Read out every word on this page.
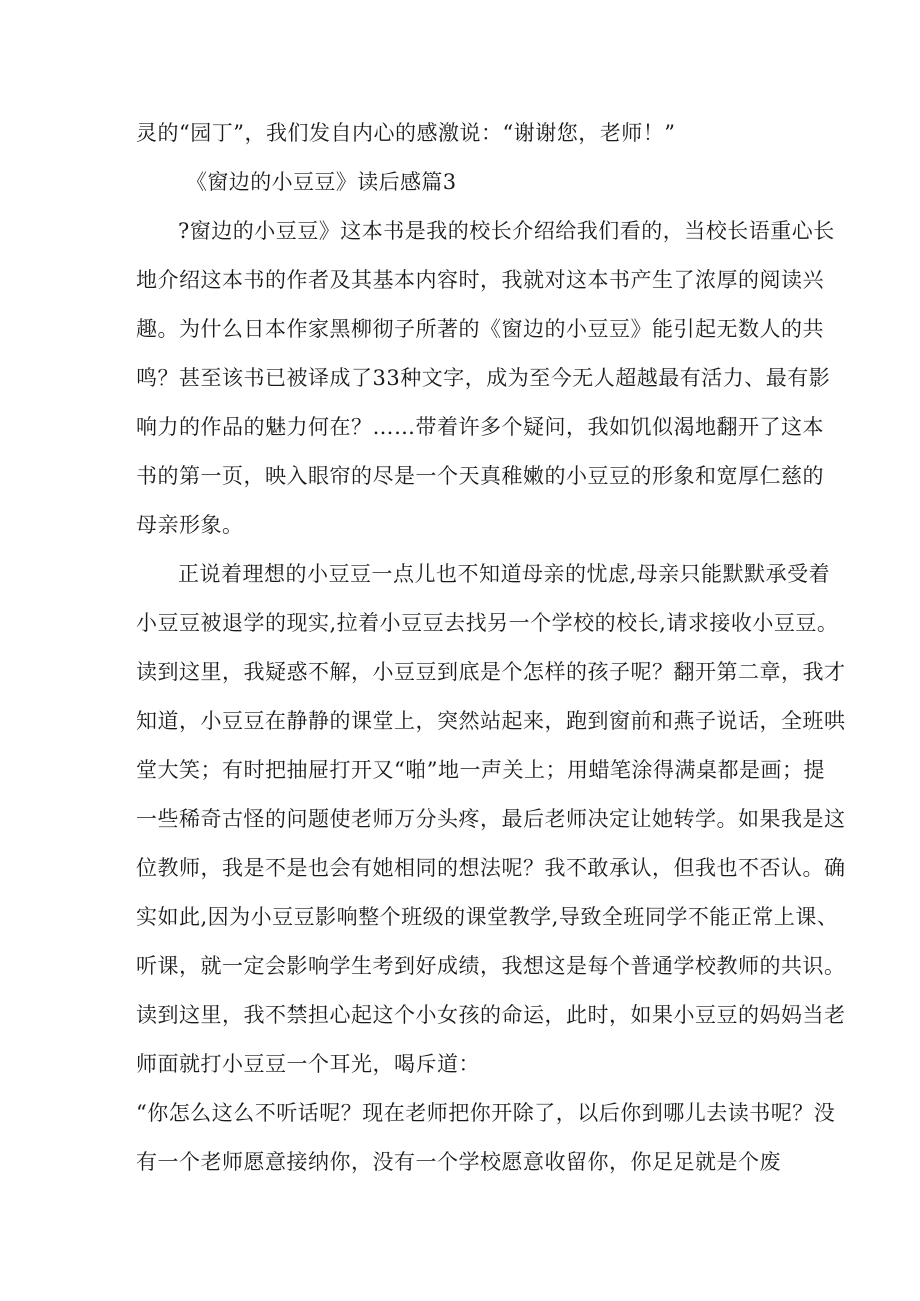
灵的“园丁”，我们发自内心的感激说：“谢谢您，老师！”
《窗边的小豆豆》读后感篇3
?窗边的小豆豆》这本书是我的校长介绍给我们看的，当校长语重心长
地介绍这本书的作者及其基本内容时，我就对这本书产生了浓厚的阅读兴
趣。为什么日本作家黑柳彻子所著的《窗边的小豆豆》能引起无数人的共
鸣？甚至该书已被译成了33种文字，成为至今无人超越最有活力、最有影
响力的作品的魅力何在？……带着许多个疑问，我如饥似渴地翻开了这本
书的第一页，映入眼帘的尽是一个天真稚嫩的小豆豆的形象和宽厚仁慈的
母亲形象。
正说着理想的小豆豆一点儿也不知道母亲的忧虑,母亲只能默默承受着
小豆豆被退学的现实,拉着小豆豆去找另一个学校的校长,请求接收小豆豆。
读到这里，我疑惑不解，小豆豆到底是个怎样的孩子呢？翻开第二章，我才
知道，小豆豆在静静的课堂上，突然站起来，跑到窗前和燕子说话，全班哄
堂大笑；有时把抽屉打开又“啪”地一声关上；用蜡笔涂得满桌都是画；提
一些稀奇古怪的问题使老师万分头疼，最后老师决定让她转学。如果我是这
位教师，我是不是也会有她相同的想法呢？我不敢承认，但我也不否认。确
实如此,因为小豆豆影响整个班级的课堂教学,导致全班同学不能正常上课、
听课，就一定会影响学生考到好成绩，我想这是每个普通学校教师的共识。
读到这里，我不禁担心起这个小女孩的命运，此时，如果小豆豆的妈妈当老
师面就打小豆豆一个耳光，喝斥道：
“你怎么这么不听话呢？现在老师把你开除了，以后你到哪儿去读书呢？没
有一个老师愿意接纳你，没有一个学校愿意收留你，你足足就是个废
